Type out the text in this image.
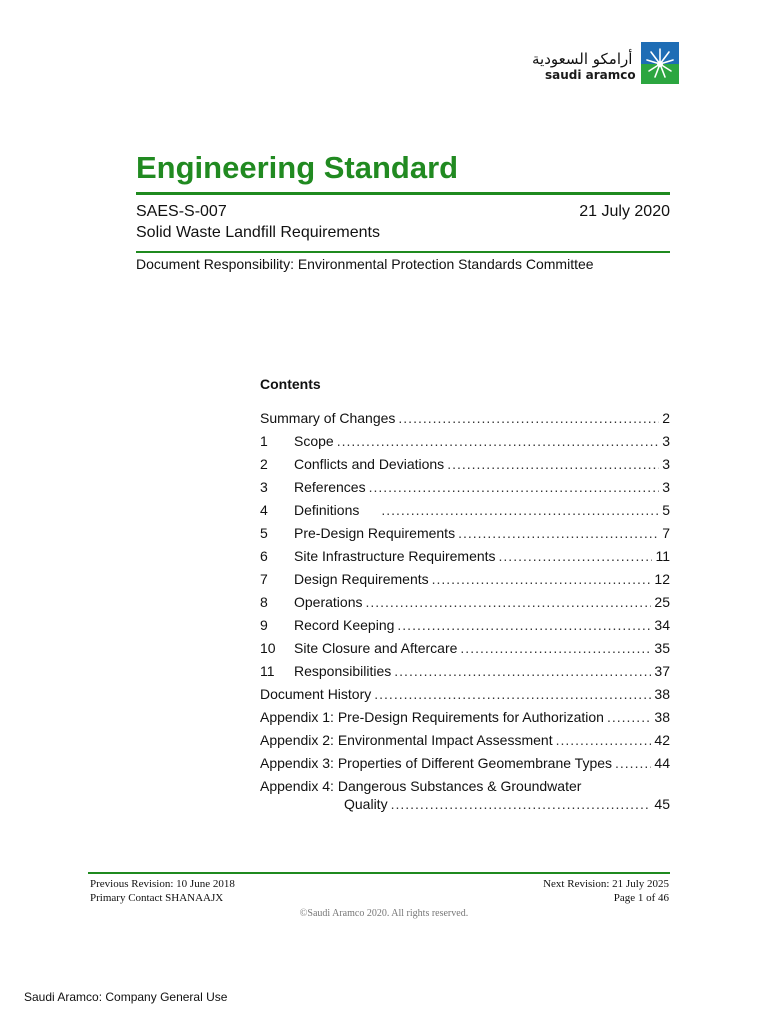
أرامكو السعودية
saudi aramco
Engineering Standard
SAES-S-007	21 July 2020
Solid Waste Landfill Requirements
Document Responsibility: Environmental Protection Standards Committee
Contents
Summary of Changes .....	2
1	Scope .....	3
2	Conflicts and Deviations .....	3
3	References .....	3
4	Definitions .....	5
5	Pre-Design Requirements .....	7
6	Site Infrastructure Requirements .....	11
7	Design Requirements .....	12
8	Operations .....	25
9	Record Keeping .....	34
10	Site Closure and Aftercare .....	35
11	Responsibilities .....	37
Document History .....	38
Appendix 1: Pre-Design Requirements for Authorization .....	38
Appendix 2: Environmental Impact Assessment .....	42
Appendix 3: Properties of Different Geomembrane Types .....	44
Appendix 4: Dangerous Substances & Groundwater
Quality .....	45
Previous Revision: 10 June 2018
Primary Contact SHANAAJX
Next Revision: 21 July 2025
Page 1 of 46
©Saudi Aramco 2020. All rights reserved.
Saudi Aramco: Company General Use
